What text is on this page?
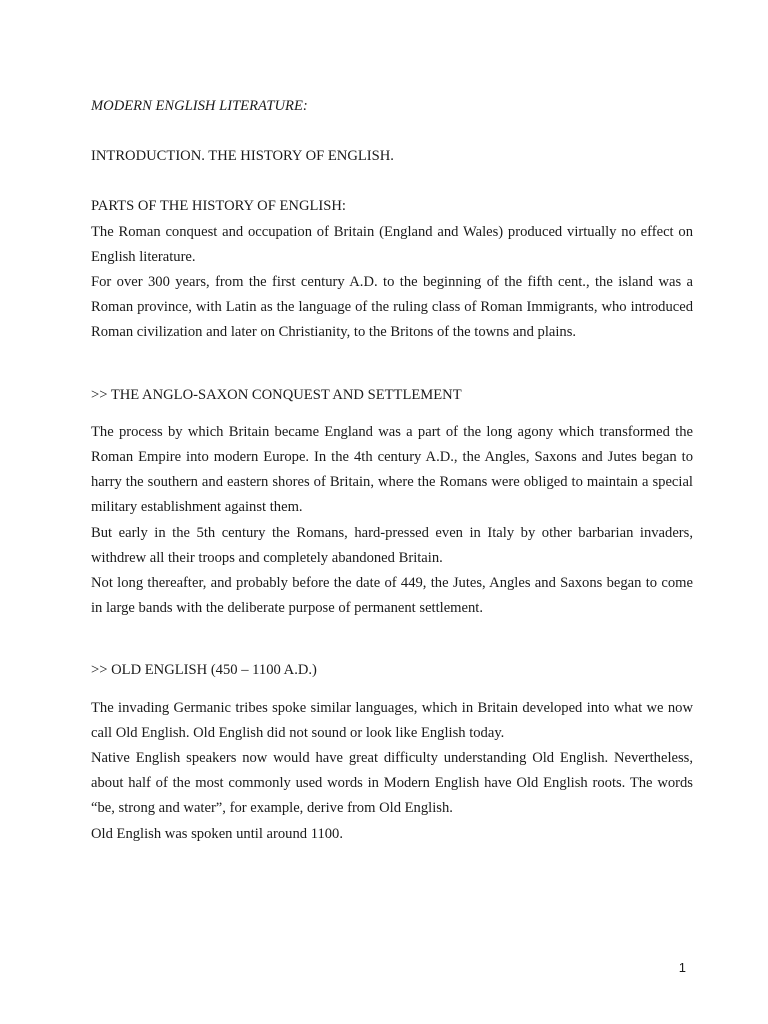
MODERN ENGLISH LITERATURE:

INTRODUCTION. THE HISTORY OF ENGLISH.

PARTS OF THE HISTORY OF ENGLISH:

The Roman conquest and occupation of Britain (England and Wales) produced virtually no effect on English literature.

For over 300 years, from the first century A.D. to the beginning of the fifth cent., the island was a Roman province, with Latin as the language of the ruling class of Roman Immigrants, who introduced Roman civilization and later on Christianity, to the Britons of the towns and plains.

>> THE ANGLO-SAXON CONQUEST AND SETTLEMENT

The process by which Britain became England was a part of the long agony which transformed the Roman Empire into modern Europe. In the 4th century A.D., the Angles, Saxons and Jutes began to harry the southern and eastern shores of Britain, where the Romans were obliged to maintain a special military establishment against them.

But early in the 5th century the Romans, hard-pressed even in Italy by other barbarian invaders, withdrew all their troops and completely abandoned Britain.

Not long thereafter, and probably before the date of 449, the Jutes, Angles and Saxons began to come in large bands with the deliberate purpose of permanent settlement.

>> OLD ENGLISH (450 – 1100 A.D.)

The invading Germanic tribes spoke similar languages, which in Britain developed into what we now call Old English. Old English did not sound or look like English today.

Native English speakers now would have great difficulty understanding Old English. Nevertheless, about half of the most commonly used words in Modern English have Old English roots. The words “be, strong and water”, for example, derive from Old English.

Old English was spoken until around 1100.

1
